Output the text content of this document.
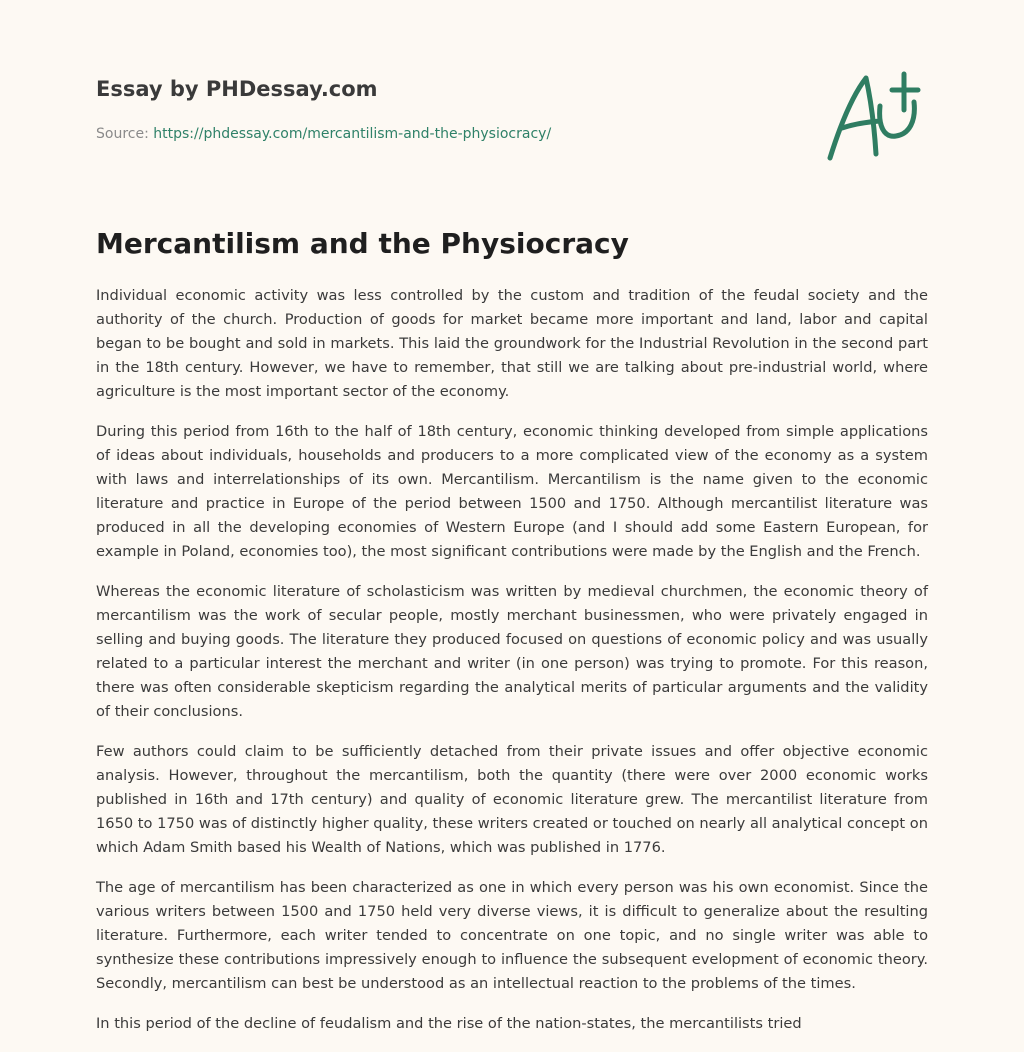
Essay by PHDessay.com
Source: https://phdessay.com/mercantilism-and-the-physiocracy/
Mercantilism and the Physiocracy

Individual economic activity was less controlled by the custom and tradition of the feudal society and the authority of the church. Production of goods for market became more important and land, labor and capital began to be bought and sold in markets. This laid the groundwork for the Industrial Revolution in the second part in the 18th century. However, we have to remember, that still we are talking about pre-industrial world, where agriculture is the most important sector of the economy.

During this period from 16th to the half of 18th century, economic thinking developed from simple applications of ideas about individuals, households and producers to a more complicated view of the economy as a system with laws and interrelationships of its own. Mercantilism. Mercantilism is the name given to the economic literature and practice in Europe of the period between 1500 and 1750. Although mercantilist literature was produced in all the developing economies of Western Europe (and I should add some Eastern European, for example in Poland, economies too), the most significant contributions were made by the English and the French.

Whereas the economic literature of scholasticism was written by medieval churchmen, the economic theory of mercantilism was the work of secular people, mostly merchant businessmen, who were privately engaged in selling and buying goods. The literature they produced focused on questions of economic policy and was usually related to a particular interest the merchant and writer (in one person) was trying to promote. For this reason, there was often considerable skepticism regarding the analytical merits of particular arguments and the validity of their conclusions.

Few authors could claim to be sufficiently detached from their private issues and offer objective economic analysis. However, throughout the mercantilism, both the quantity (there were over 2000 economic works published in 16th and 17th century) and quality of economic literature grew. The mercantilist literature from 1650 to 1750 was of distinctly higher quality, these writers created or touched on nearly all analytical concept on which Adam Smith based his Wealth of Nations, which was published in 1776.

The age of mercantilism has been characterized as one in which every person was his own economist. Since the various writers between 1500 and 1750 held very diverse views, it is difficult to generalize about the resulting literature. Furthermore, each writer tended to concentrate on one topic, and no single writer was able to synthesize these contributions impressively enough to influence the subsequent evelopment of economic theory. Secondly, mercantilism can best be understood as an intellectual reaction to the problems of the times.

In this period of the decline of feudalism and the rise of the nation-states, the mercantilists tried
